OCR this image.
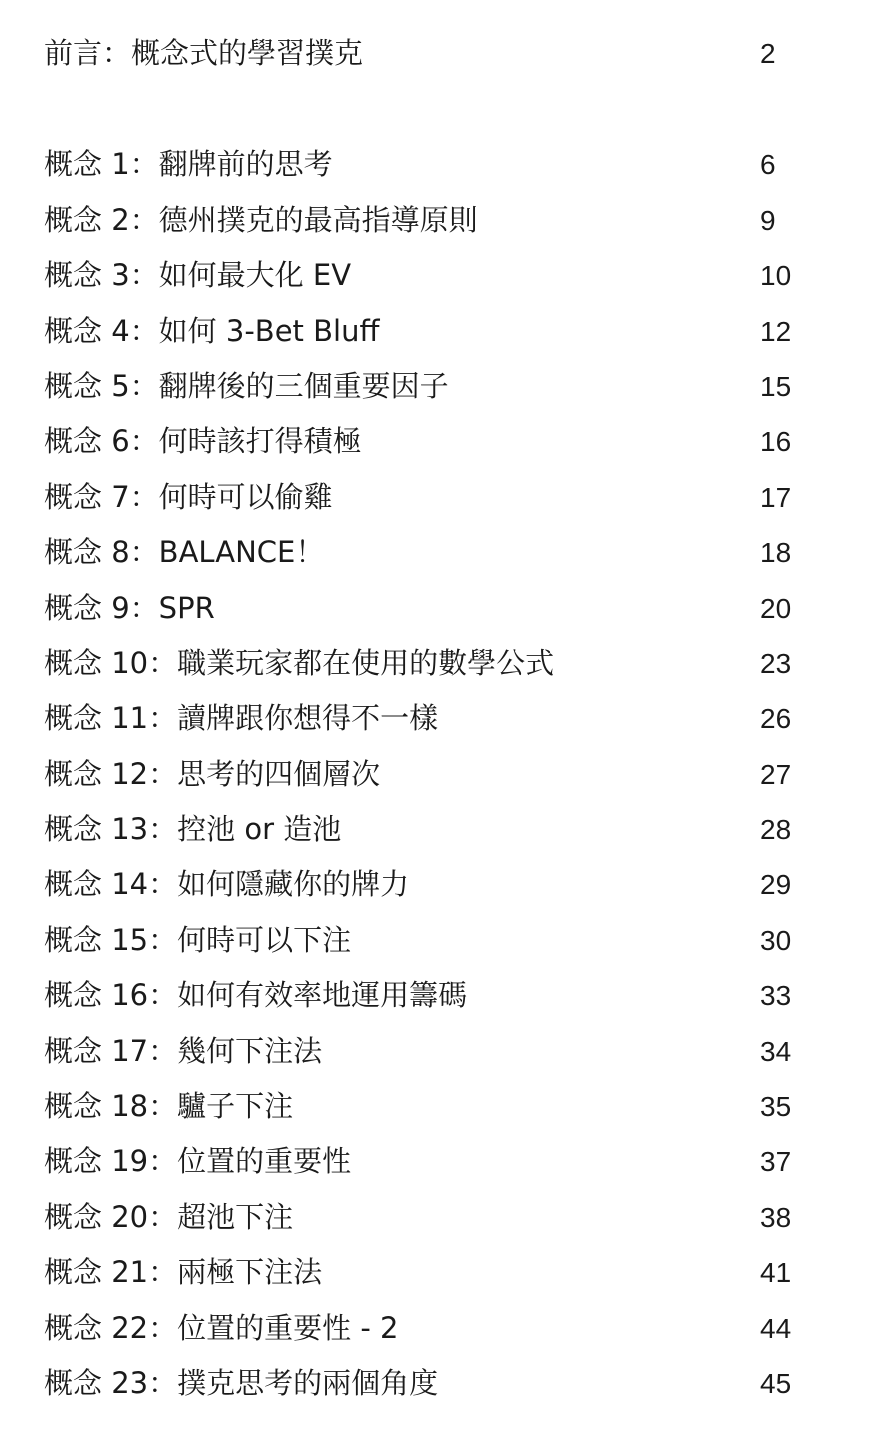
前言：概念式的學習撲克	2
概念 1：翻牌前的思考	6
概念 2：德州撲克的最高指導原則	9
概念 3：如何最大化 EV	10
概念 4：如何 3-Bet Bluff	12
概念 5：翻牌後的三個重要因子	15
概念 6：何時該打得積極	16
概念 7：何時可以偷雞	17
概念 8：BALANCE！	18
概念 9：SPR	20
概念 10：職業玩家都在使用的數學公式	23
概念 11：讀牌跟你想得不一樣	26
概念 12：思考的四個層次	27
概念 13：控池 or 造池	28
概念 14：如何隱藏你的牌力	29
概念 15：何時可以下注	30
概念 16：如何有效率地運用籌碼	33
概念 17：幾何下注法	34
概念 18：驢子下注	35
概念 19：位置的重要性	37
概念 20：超池下注	38
概念 21：兩極下注法	41
概念 22：位置的重要性 - 2	44
概念 23：撲克思考的兩個角度	45
